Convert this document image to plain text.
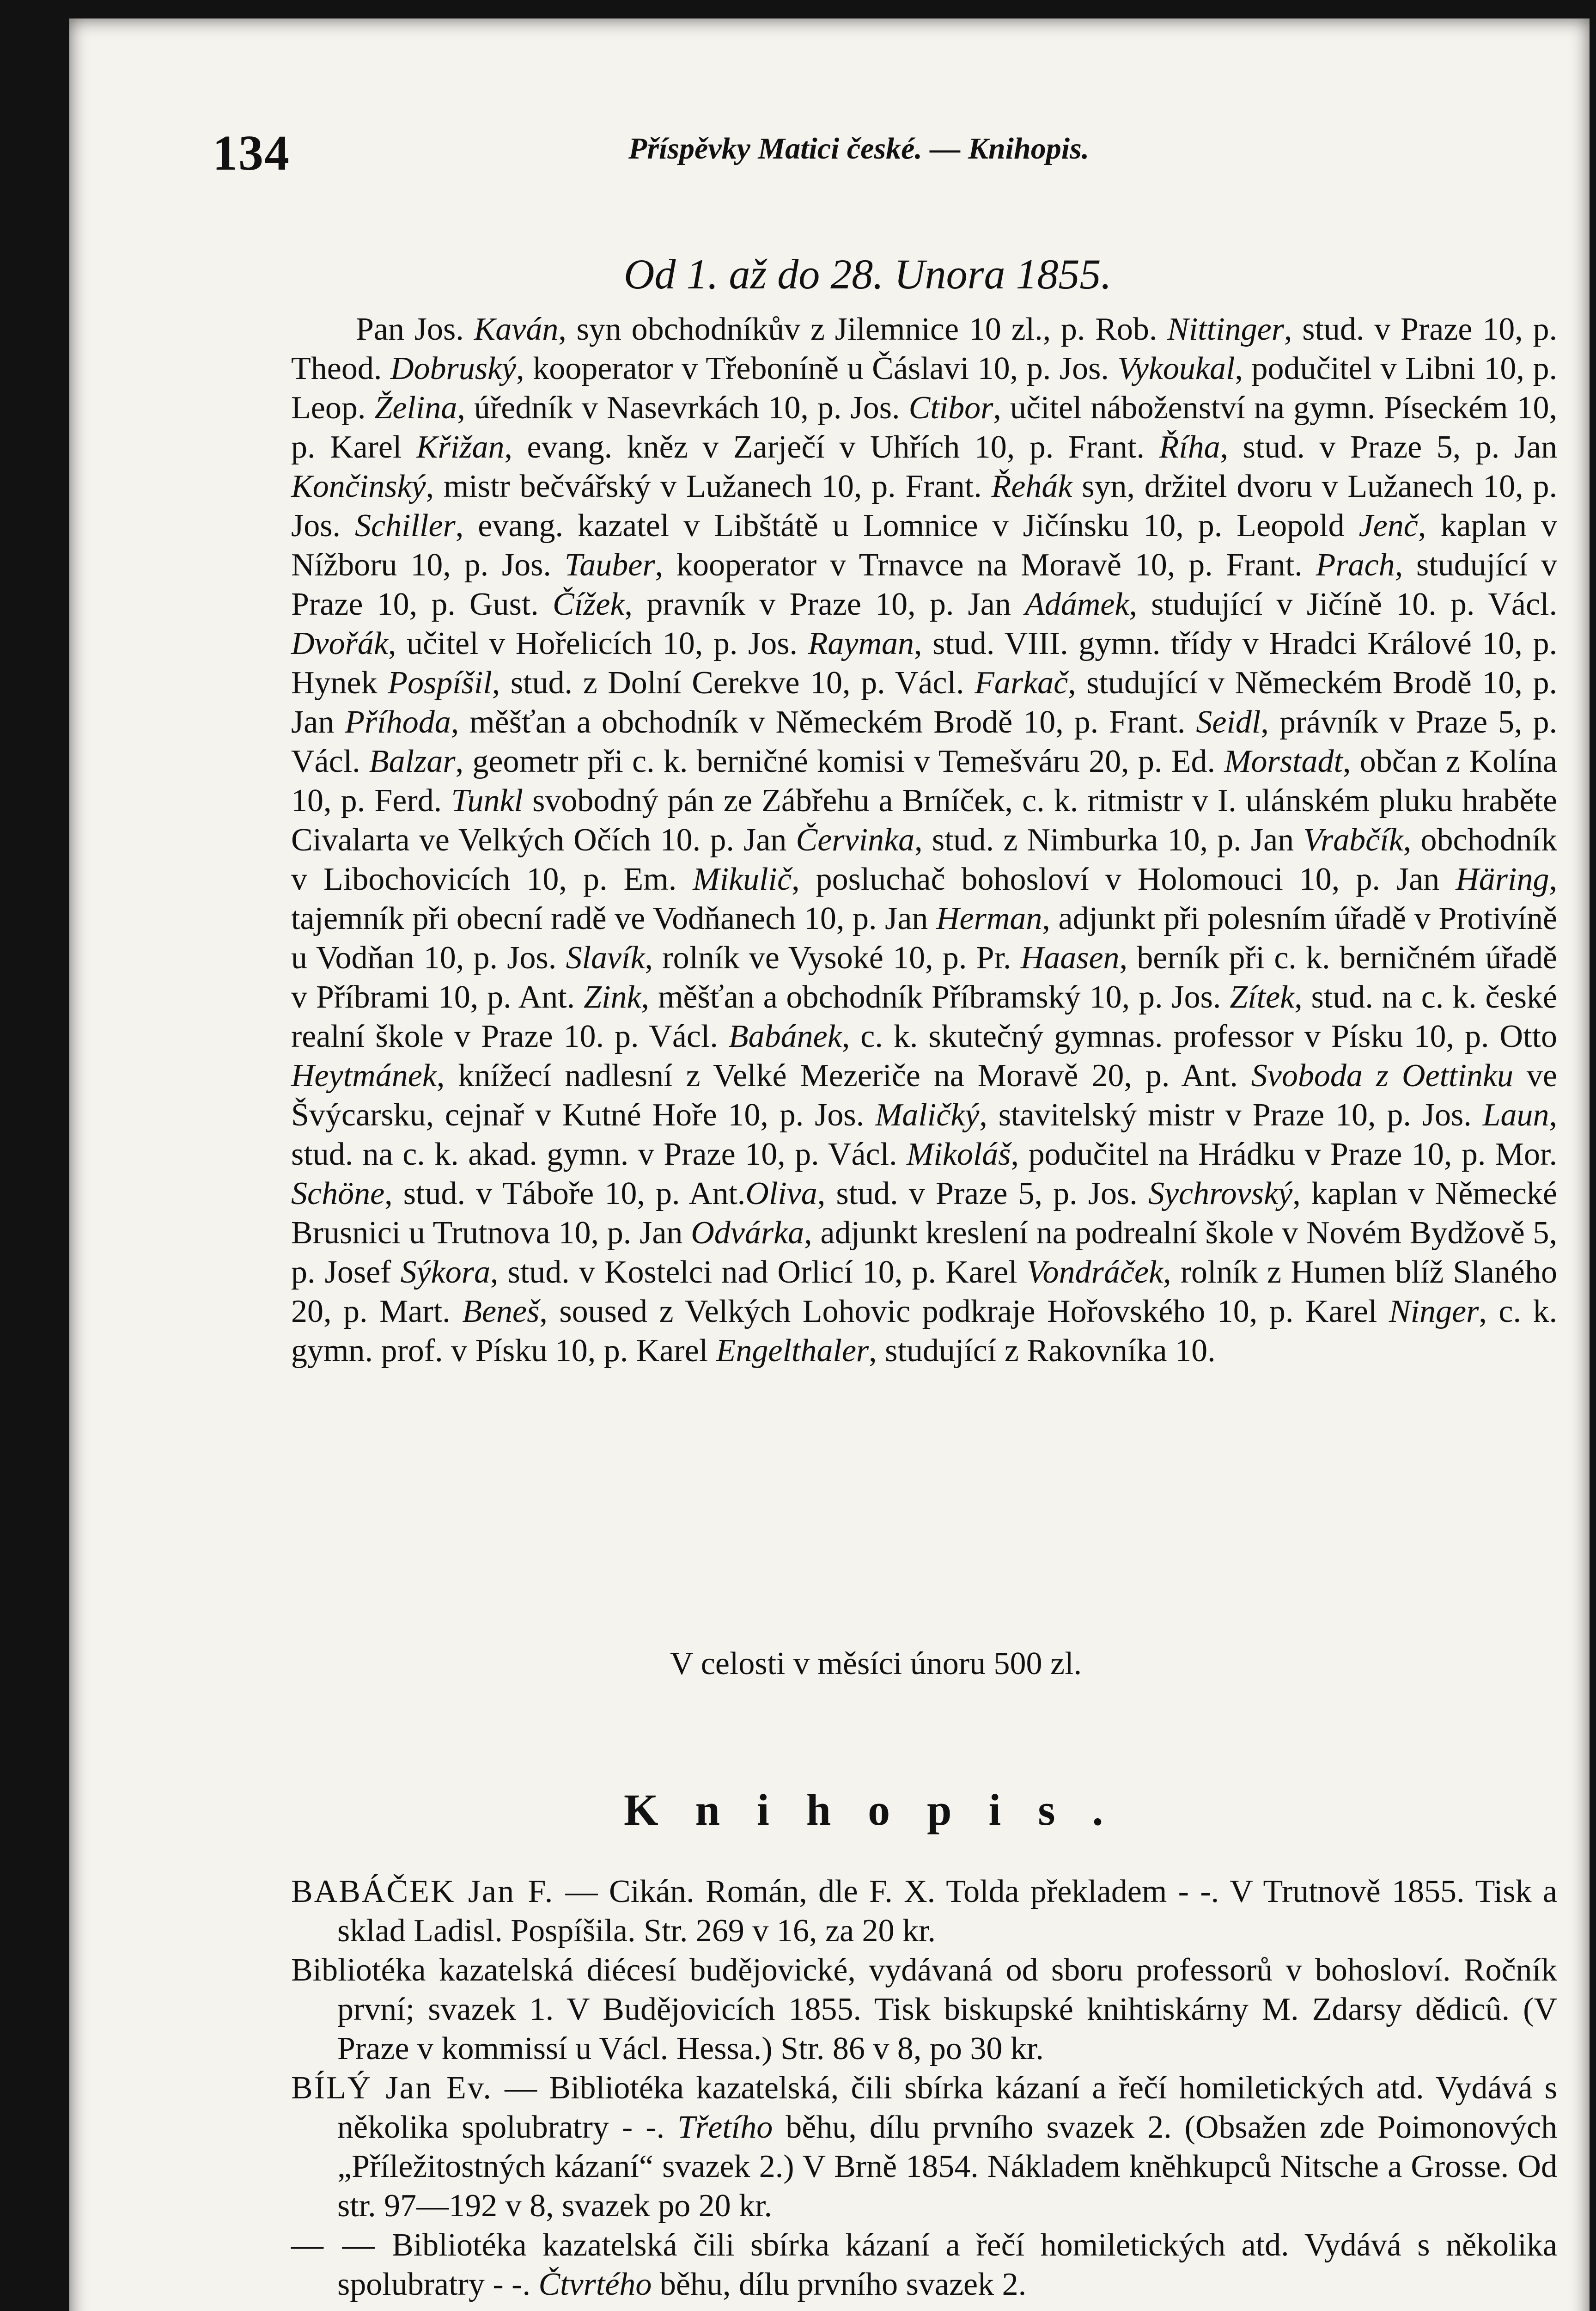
134	Příspěvky Matici české. — Knihopis.
Od 1. až do 28. Unora 1855.

Pan Jos. Kaván, syn obchodníkův z Jilemnice 10 zl., p. Rob. Nittinger, stud. v Praze 10, p. Theod. Dobruský, kooperator v Třeboníně u Čáslavi 10, p. Jos. Vykoukal, podučitel v Libni 10, p. Leop. Želina, úředník v Nasevrkách 10, p. Jos. Ctibor, učitel náboženství na gymn. Píseckém 10, p. Karel Křižan, evang. kněz v Zarječí v Uhřích 10, p. Frant. Říha, stud. v Praze 5, p. Jan Končinský, mistr bečvářský v Lužanech 10, p. Frant. Řehák syn, držitel dvoru v Lužanech 10, p. Jos. Schiller, evang. kazatel v Libštátě u Lomnice v Jičínsku 10, p. Leopold Jenč, kaplan v Nížboru 10, p. Jos. Tauber, kooperator v Trnavce na Moravě 10, p. Frant. Prach, studující v Praze 10, p. Gust. Čížek, pravník v Praze 10, p. Jan Adámek, studující v Jičíně 10. p. Václ. Dvořák, učitel v Hořelicích 10, p. Jos. Rayman, stud. VIII. gymn. třídy v Hradci Králové 10, p. Hynek Pospíšil, stud. z Dolní Cerekve 10, p. Václ. Farkač, studující v Německém Brodě 10, p. Jan Příhoda, měšťan a obchodník v Německém Brodě 10, p. Frant. Seidl, právník v Praze 5, p. Václ. Balzar, geometr při c. k. berničné komisi v Temešváru 20, p. Ed. Morstadt, občan z Kolína 10, p. Ferd. Tunkl svobodný pán ze Zábřehu a Brníček, c. k. ritmistr v I. ulánském pluku hraběte Civalarta ve Velkých Očích 10. p. Jan Červinka, stud. z Nimburka 10, p. Jan Vrabčík, obchodník v Libochovicích 10, p. Em. Mikulič, posluchač bohosloví v Holomouci 10, p. Jan Häring, tajemník při obecní radě ve Vodňanech 10, p. Jan Herman, adjunkt při polesním úřadě v Protivíně u Vodňan 10, p. Jos. Slavík, rolník ve Vysoké 10, p. Pr. Haasen, berník při c. k. berničném úřadě v Příbrami 10, p. Ant. Zink, měšťan a obchodník Příbramský 10, p. Jos. Zítek, stud. na c. k. české realní škole v Praze 10. p. Václ. Babánek, c. k. skutečný gymnas. professor v Písku 10, p. Otto Heytmánek, knížecí nadlesní z Velké Mezeriče na Moravě 20, p. Ant. Svoboda z Oettinku ve Švýcarsku, cejnař v Kutné Hoře 10, p. Jos. Maličký, stavitelský mistr v Praze 10, p. Jos. Laun, stud. na c. k. akad. gymn. v Praze 10, p. Václ. Mikoláš, podučitel na Hrádku v Praze 10, p. Mor. Schöne, stud. v Táboře 10, p. Ant.Oliva, stud. v Praze 5, p. Jos. Sychrovský, kaplan v Německé Brusnici u Trutnova 10, p. Jan Odvárka, adjunkt kreslení na podrealní škole v Novém Bydžově 5, p. Josef Sýkora, stud. v Kostelci nad Orlicí 10, p. Karel Vondráček, rolník z Humen blíž Slaného 20, p. Mart. Beneš, soused z Velkých Lohovic podkraje Hořovského 10, p. Karel Ninger, c. k. gymn. prof. v Písku 10, p. Karel Engelthaler, studující z Rakovníka 10.

V celosti v měsíci únoru 500 zl.
Knihopis.

BABÁČEK Jan F. — Cikán. Román, dle F. X. Tolda překladem - -. V Trutnově 1855. Tisk a sklad Ladisl. Pospíšila. Str. 269 v 16, za 20 kr.

Bibliotéka kazatelská diécesí budějovické, vydávaná od sboru professorů v bohosloví. Ročník první; svazek 1. V Budějovicích 1855. Tisk biskupské knihtiskárny M. Zdarsy dědicû. (V Praze v kommissí u Václ. Hessa.) Str. 86 v 8, po 30 kr.

BÍLÝ Jan Ev. — Bibliotéka kazatelská, čili sbírka kázaní a řečí homiletických atd. Vydává s několika spolubratry - -. Třetího běhu, dílu prvního svazek 2. (Obsažen zde Poimonových „Příležitostných kázaní“ svazek 2.) V Brně 1854. Nákladem knĕhkupců Nitsche a Grosse. Od str. 97—192 v 8, svazek po 20 kr.

— — Bibliotéka kazatelská čili sbírka kázaní a řečí homiletických atd. Vydává s několika spolubratry - -. Čtvrtého běhu, dílu prvního svazek 2.
